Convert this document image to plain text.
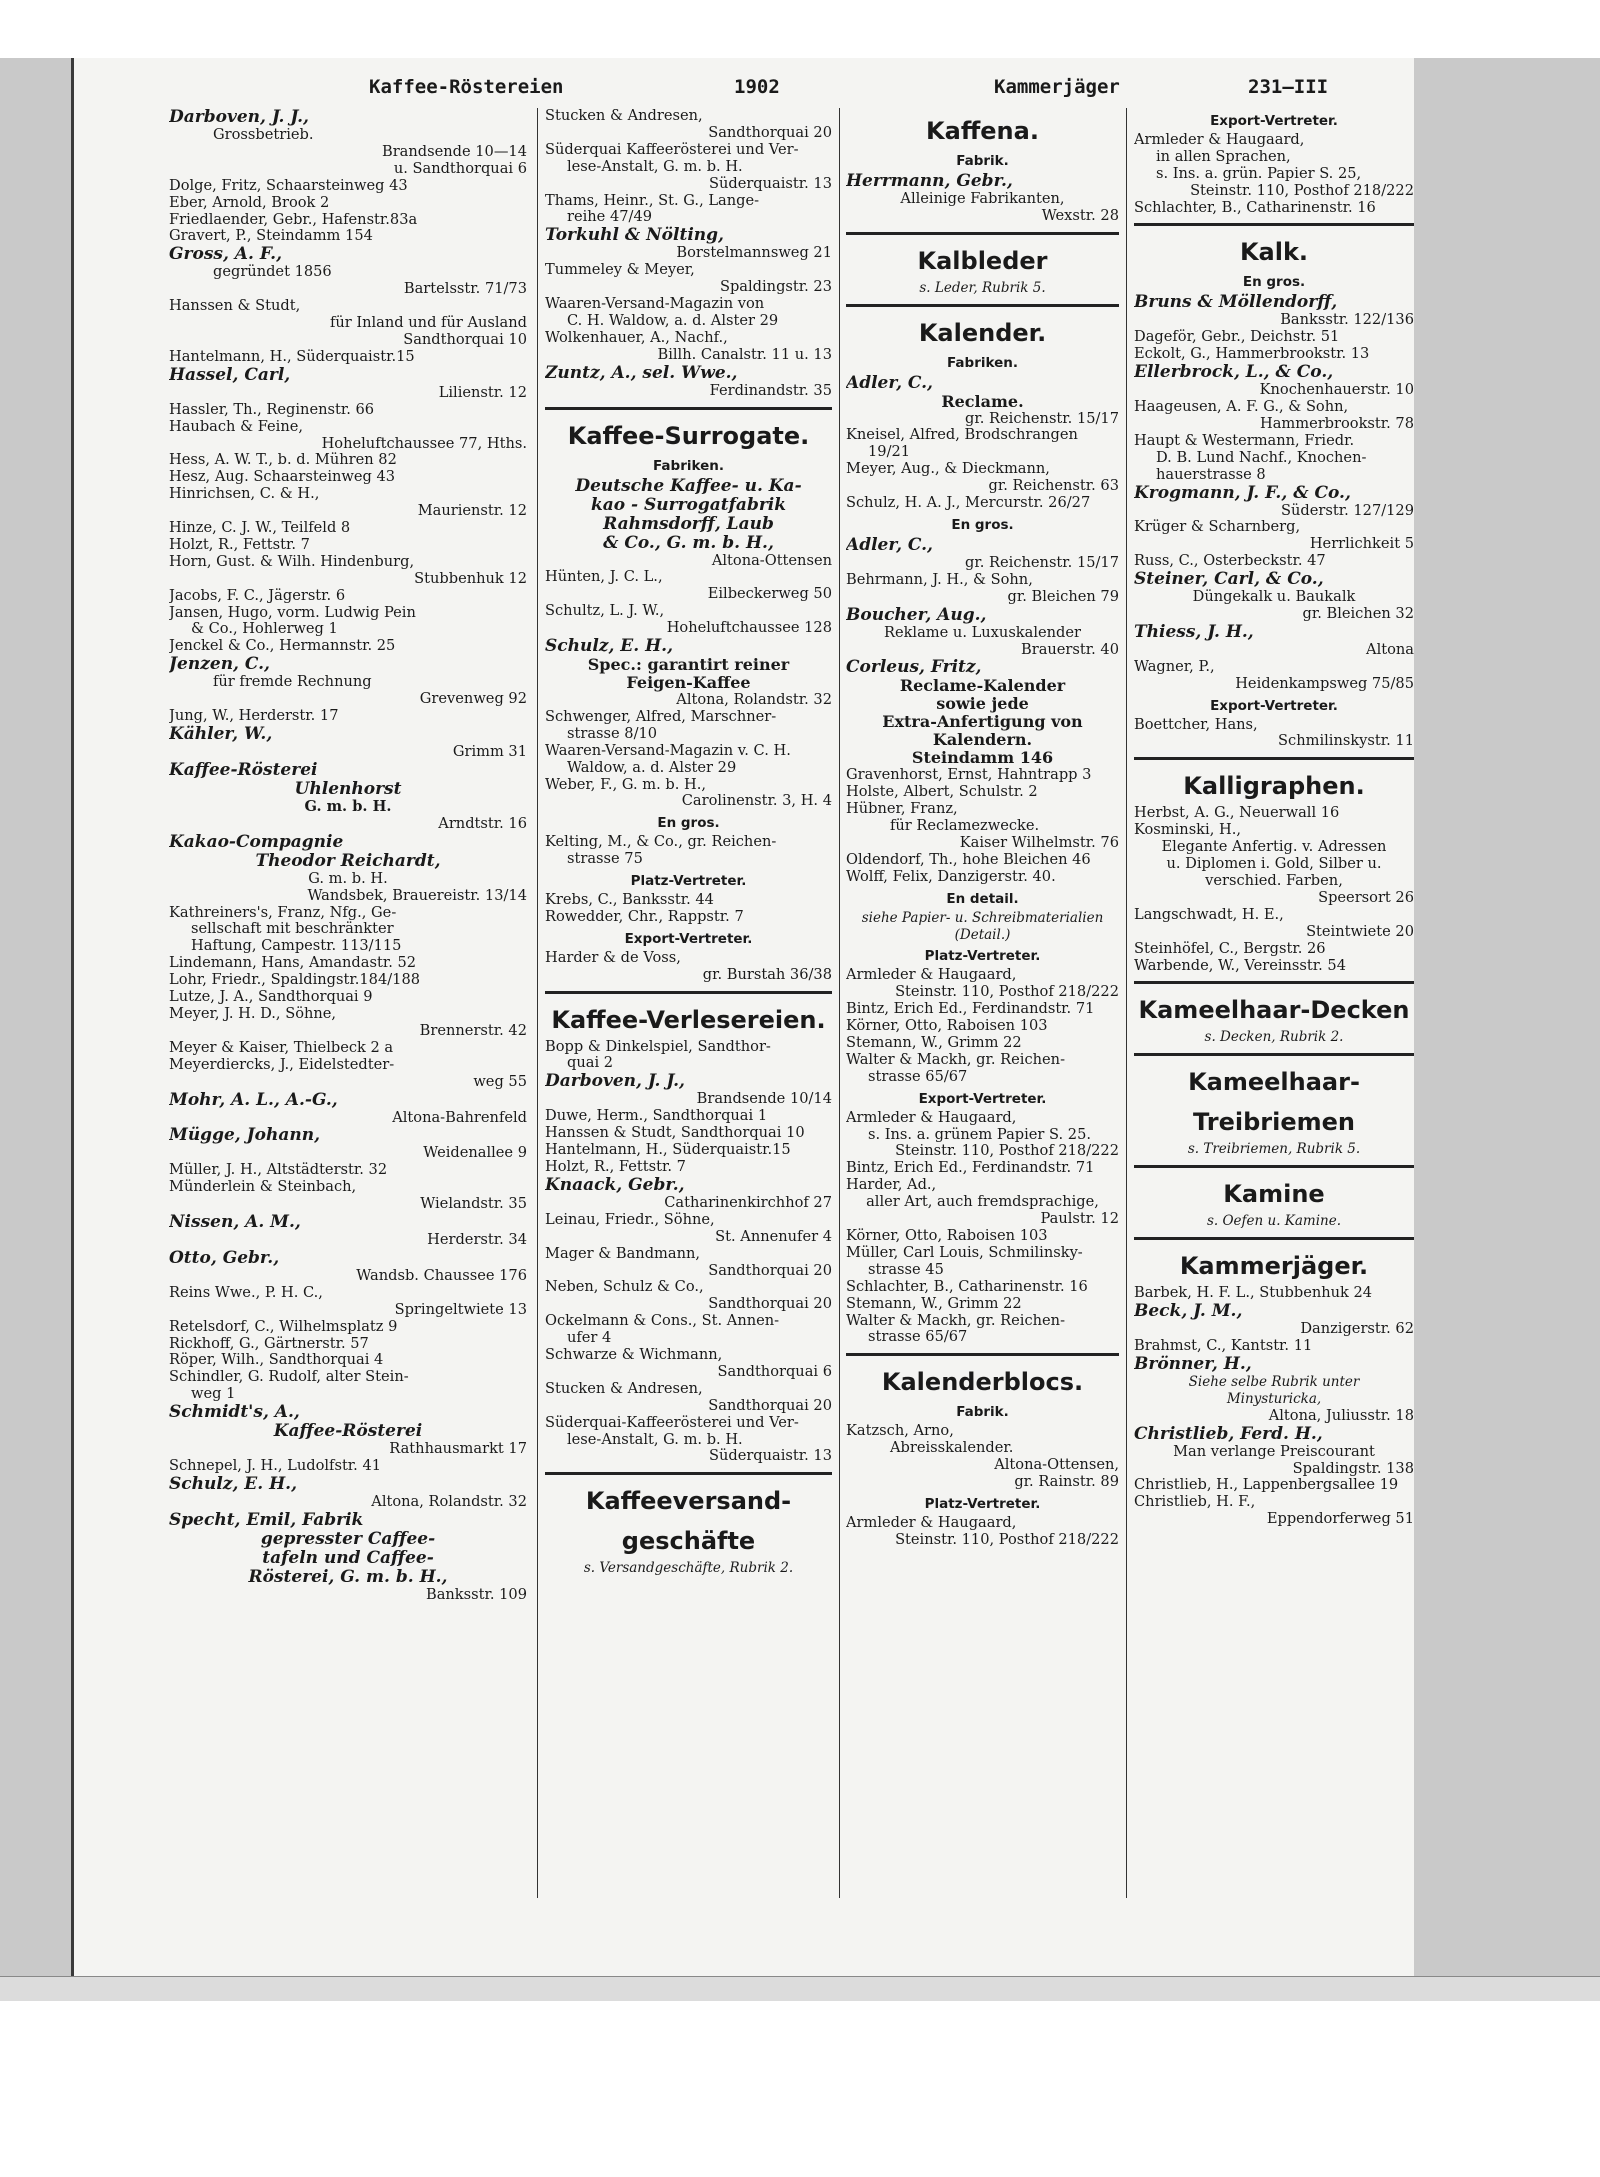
Kaffee-Röstereien	1902	Kammerjäger	231—III
Darboven, J. J.,
Grossbetrieb.
Brandsende 10—14
u. Sandthorquai 6
Dolge, Fritz, Schaarsteinweg 43
Eber, Arnold, Brook 2
Friedlaender, Gebr., Hafenstr.83a
Gravert, P., Steindamm 154
Gross, A. F.,
gegründet 1856
Bartelsstr. 71/73
Hanssen & Studt,
für Inland und für Ausland
Sandthorquai 10
Hantelmann, H., Süderquaistr.15
Hassel, Carl,
Lilienstr. 12
Hassler, Th., Reginenstr. 66
Haubach & Feine,
Hoheluftchaussee 77, Hths.
Hess, A. W. T., b. d. Mühren 82
Hesz, Aug. Schaarsteinweg 43
Hinrichsen, C. & H.,
Maurienstr. 12
Hinze, C. J. W., Teilfeld 8
Holzt, R., Fettstr. 7
Horn, Gust. & Wilh. Hindenburg,
Stubbenhuk 12
Jacobs, F. C., Jägerstr. 6
Jansen, Hugo, vorm. Ludwig Pein
& Co., Hohlerweg 1
Jenckel & Co., Hermannstr. 25
Jenzen, C.,
für fremde Rechnung
Grevenweg 92
Jung, W., Herderstr. 17
Kähler, W.,
Grimm 31
Kaffee-Rösterei
Uhlenhorst
G. m. b. H.
Arndtstr. 16
Kakao-Compagnie
Theodor Reichardt,
G. m. b. H.
Wandsbek, Brauereistr. 13/14
Kathreiners's, Franz, Nfg., Ge-
sellschaft mit beschränkter
Haftung, Campestr. 113/115
Lindemann, Hans, Amandastr. 52
Lohr, Friedr., Spaldingstr.184/188
Lutze, J. A., Sandthorquai 9
Meyer, J. H. D., Söhne,
Brennerstr. 42
Meyer & Kaiser, Thielbeck 2 a
Meyerdiercks, J., Eidelstedter-
weg 55
Mohr, A. L., A.-G.,
Altona-Bahrenfeld
Mügge, Johann,
Weidenallee 9
Müller, J. H., Altstädterstr. 32
Münderlein & Steinbach,
Wielandstr. 35
Nissen, A. M.,
Herderstr. 34
Otto, Gebr.,
Wandsb. Chaussee 176
Reins Wwe., P. H. C.,
Springeltwiete 13
Retelsdorf, C., Wilhelmsplatz 9
Rickhoff, G., Gärtnerstr. 57
Röper, Wilh., Sandthorquai 4
Schindler, G. Rudolf, alter Stein-
weg 1
Schmidt's, A.,
Kaffee-Rösterei
Rathhausmarkt 17
Schnepel, J. H., Ludolfstr. 41
Schulz, E. H.,
Altona, Rolandstr. 32
Specht, Emil, Fabrik
gepresster Caffee-
tafeln und Caffee-
Rösterei, G. m. b. H.,
Banksstr. 109
Stucken & Andresen,
Sandthorquai 20
Süderquai Kaffeerösterei und Ver-
lese-Anstalt, G. m. b. H.
Süderquaistr. 13
Thams, Heinr., St. G., Lange-
reihe 47/49
Torkuhl & Nölting,
Borstelmannsweg 21
Tummeley & Meyer,
Spaldingstr. 23
Waaren-Versand-Magazin von
C. H. Waldow, a. d. Alster 29
Wolkenhauer, A., Nachf.,
Billh. Canalstr. 11 u. 13
Zuntz, A., sel. Wwe.,
Ferdinandstr. 35
Kaffee-Surrogate.
Fabriken.
Deutsche Kaffee- u. Ka-
kao - Surrogatfabrik
Rahmsdorff, Laub
& Co., G. m. b. H.,
Altona-Ottensen
Hünten, J. C. L.,
Eilbeckerweg 50
Schultz, L. J. W.,
Hoheluftchaussee 128
Schulz, E. H.,
Spec.: garantirt reiner
Feigen-Kaffee
Altona, Rolandstr. 32
Schwenger, Alfred, Marschner-
strasse 8/10
Waaren-Versand-Magazin v. C. H.
Waldow, a. d. Alster 29
Weber, F., G. m. b. H.,
Carolinenstr. 3, H. 4
En gros.
Kelting, M., & Co., gr. Reichen-
strasse 75
Platz-Vertreter.
Krebs, C., Banksstr. 44
Rowedder, Chr., Rappstr. 7
Export-Vertreter.
Harder & de Voss,
gr. Burstah 36/38
Kaffee-Verlesereien.
Bopp & Dinkelspiel, Sandthor-
quai 2
Darboven, J. J.,
Brandsende 10/14
Duwe, Herm., Sandthorquai 1
Hanssen & Studt, Sandthorquai 10
Hantelmann, H., Süderquaistr.15
Holzt, R., Fettstr. 7
Knaack, Gebr.,
Catharinenkirchhof 27
Leinau, Friedr., Söhne,
St. Annenufer 4
Mager & Bandmann,
Sandthorquai 20
Neben, Schulz & Co.,
Sandthorquai 20
Ockelmann & Cons., St. Annen-
ufer 4
Schwarze & Wichmann,
Sandthorquai 6
Stucken & Andresen,
Sandthorquai 20
Süderquai-Kaffeerösterei und Ver-
lese-Anstalt, G. m. b. H.
Süderquaistr. 13
Kaffeeversand-
geschäfte
s. Versandgeschäfte, Rubrik 2.
Kaffena.
Fabrik.
Herrmann, Gebr.,
Alleinige Fabrikanten,
Wexstr. 28
Kalbleder
s. Leder, Rubrik 5.
Kalender.
Fabriken.
Adler, C.,
Reclame.
gr. Reichenstr. 15/17
Kneisel, Alfred, Brodschrangen
19/21
Meyer, Aug., & Dieckmann,
gr. Reichenstr. 63
Schulz, H. A. J., Mercurstr. 26/27
En gros.
Adler, C.,
gr. Reichenstr. 15/17
Behrmann, J. H., & Sohn,
gr. Bleichen 79
Boucher, Aug.,
Reklame u. Luxuskalender
Brauerstr. 40
Corleus, Fritz,
Reclame-Kalender
sowie jede
Extra-Anfertigung von
Kalendern.
Steindamm 146
Gravenhorst, Ernst, Hahntrapp 3
Holste, Albert, Schulstr. 2
Hübner, Franz,
für Reclamezwecke.
Kaiser Wilhelmstr. 76
Oldendorf, Th., hohe Bleichen 46
Wolff, Felix, Danzigerstr. 40.
En detail.
siehe Papier- u. Schreibmaterialien
(Detail.)
Platz-Vertreter.
Armleder & Haugaard,
Steinstr. 110, Posthof 218/222
Bintz, Erich Ed., Ferdinandstr. 71
Körner, Otto, Raboisen 103
Stemann, W., Grimm 22
Walter & Mackh, gr. Reichen-
strasse 65/67
Export-Vertreter.
Armleder & Haugaard,
s. Ins. a. grünem Papier S. 25.
Steinstr. 110, Posthof 218/222
Bintz, Erich Ed., Ferdinandstr. 71
Harder, Ad.,
aller Art, auch fremdsprachige,
Paulstr. 12
Körner, Otto, Raboisen 103
Müller, Carl Louis, Schmilinsky-
strasse 45
Schlachter, B., Catharinenstr. 16
Stemann, W., Grimm 22
Walter & Mackh, gr. Reichen-
strasse 65/67
Kalenderblocs.
Fabrik.
Katzsch, Arno,
Abreisskalender.
Altona-Ottensen,
gr. Rainstr. 89
Platz-Vertreter.
Armleder & Haugaard,
Steinstr. 110, Posthof 218/222
Export-Vertreter.
Armleder & Haugaard,
in allen Sprachen,
s. Ins. a. grün. Papier S. 25,
Steinstr. 110, Posthof 218/222
Schlachter, B., Catharinenstr. 16
Kalk.
En gros.
Bruns & Möllendorff,
Banksstr. 122/136
Dageför, Gebr., Deichstr. 51
Eckolt, G., Hammerbrookstr. 13
Ellerbrock, L., & Co.,
Knochenhauerstr. 10
Haageusen, A. F. G., & Sohn,
Hammerbrookstr. 78
Haupt & Westermann, Friedr.
D. B. Lund Nachf., Knochen-
hauerstrasse 8
Krogmann, J. F., & Co.,
Süderstr. 127/129
Krüger & Scharnberg,
Herrlichkeit 5
Russ, C., Osterbeckstr. 47
Steiner, Carl, & Co.,
Düngekalk u. Baukalk
gr. Bleichen 32
Thiess, J. H.,
Altona
Wagner, P.,
Heidenkampsweg 75/85
Export-Vertreter.
Boettcher, Hans,
Schmilinskystr. 11
Kalligraphen.
Herbst, A. G., Neuerwall 16
Kosminski, H.,
Elegante Anfertig. v. Adressen
u. Diplomen i. Gold, Silber u.
verschied. Farben,
Speersort 26
Langschwadt, H. E.,
Steintwiete 20
Steinhöfel, C., Bergstr. 26
Warbende, W., Vereinsstr. 54
Kameelhaar-Decken
s. Decken, Rubrik 2.
Kameelhaar-
Treibriemen
s. Treibriemen, Rubrik 5.
Kamine
s. Oefen u. Kamine.
Kammerjäger.
Barbek, H. F. L., Stubbenhuk 24
Beck, J. M.,
Danzigerstr. 62
Brahmst, C., Kantstr. 11
Brönner, H.,
Siehe selbe Rubrik unter
Minysturicka,
Altona, Juliusstr. 18
Christlieb, Ferd. H.,
Man verlange Preiscourant
Spaldingstr. 138
Christlieb, H., Lappenbergsallee 19
Christlieb, H. F.,
Eppendorferweg 51
